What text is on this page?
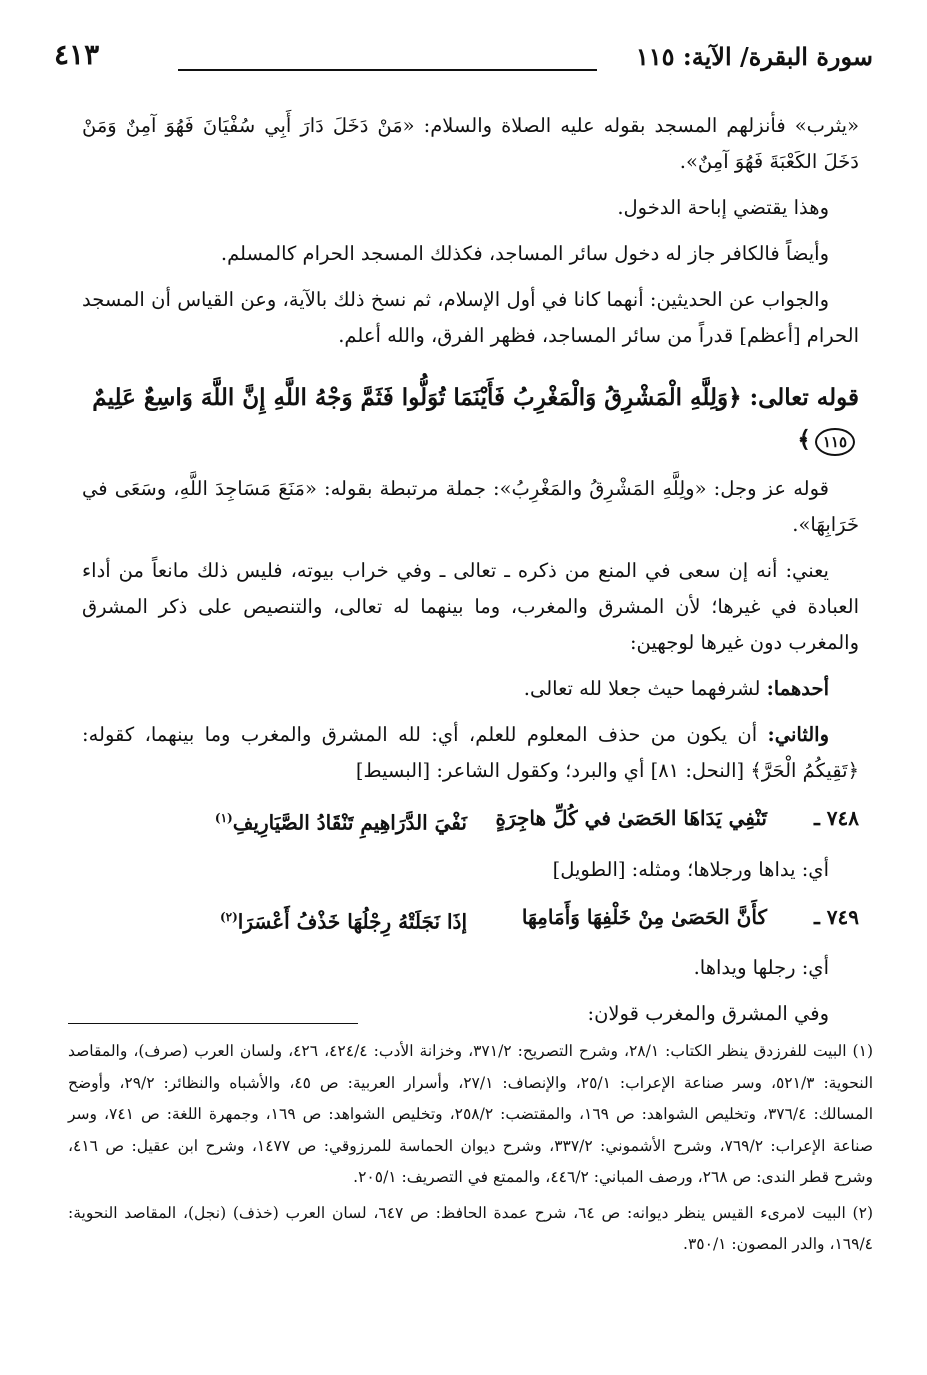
سورة البقرة/ الآية: ١١٥
٤١٣

«يثرب» فأنزلهم المسجد بقوله عليه الصلاة والسلام: «مَنْ دَخَلَ دَارَ أَبِي سُفْيَانَ فَهُوَ آمِنٌ وَمَنْ دَخَلَ الكَعْبَةَ فَهُوَ آمِنٌ».

وهذا يقتضي إباحة الدخول.

وأيضاً فالكافر جاز له دخول سائر المساجد، فكذلك المسجد الحرام كالمسلم.

والجواب عن الحديثين: أنهما كانا في أول الإسلام، ثم نسخ ذلك بالآية، وعن القياس أن المسجد الحرام [أعظم] قدراً من سائر المساجد، فظهر الفرق، والله أعلم.

قوله تعالى: ﴿وَلِلَّهِ الْمَشْرِقُ وَالْمَغْرِبُ فَأَيْنَمَا تُوَلُّوا فَثَمَّ وَجْهُ اللَّهِ إِنَّ اللَّهَ وَاسِعٌ عَلِيمٌ ١١٥﴾

قوله عز وجل: «ولِلَّهِ المَشْرِقُ والمَغْرِبُ»: جملة مرتبطة بقوله: «مَنَعَ مَسَاجِدَ اللَّهِ، وسَعَى في خَرَابِهَا».

يعني: أنه إن سعى في المنع من ذكره ـ تعالى ـ وفي خراب بيوته، فليس ذلك مانعاً من أداء العبادة في غيرها؛ لأن المشرق والمغرب، وما بينهما له تعالى، والتنصيص على ذكر المشرق والمغرب دون غيرها لوجهين:

أحدهما: لشرفهما حيث جعلا لله تعالى.

والثاني: أن يكون من حذف المعلوم للعلم، أي: لله المشرق والمغرب وما بينهما، كقوله: ﴿تَقِيكُمُ الْحَرَّ﴾ [النحل: ٨١] أي والبرد؛ وكقول الشاعر: [البسيط]

٧٤٨ ـ
تَنْفِي يَدَاهَا الحَصَىٰ في كُلِّ هاجِرَةٍ
نَفْيَ الدَّرَاهِيمِ تَنْقَادُ الصَّيَارِيفِ$^{(١)}$

أي: يداها ورجلاها؛ ومثله: [الطويل]

٧٤٩ ـ
كأَنَّ الحَصَىٰ مِنْ خَلْفِهَا وَأَمَامِهَا
إذَا نَجَلَتْهُ رِجْلُهَا خَذْفُ أَعْسَرَا$^{(٢)}$

أي: رجلها ويداها.

وفي المشرق والمغرب قولان:

(١) البيت للفرزدق ينظر الكتاب: ٢٨/١، وشرح التصريح: ٣٧١/٢، وخزانة الأدب: ٤٢٤/٤، ٤٢٦، ولسان العرب (صرف)، والمقاصد النحوية: ٥٢١/٣، وسر صناعة الإعراب: ٢٥/١، والإنصاف: ٢٧/١، وأسرار العربية: ص ٤٥، والأشباه والنظائر: ٢٩/٢، وأوضح المسالك: ٣٧٦/٤، وتخليص الشواهد: ص ١٦٩، والمقتضب: ٢٥٨/٢، وتخليص الشواهد: ص ١٦٩، وجمهرة اللغة: ص ٧٤١، وسر صناعة الإعراب: ٧٦٩/٢، وشرح الأشموني: ٣٣٧/٢، وشرح ديوان الحماسة للمرزوقي: ص ١٤٧٧، وشرح ابن عقيل: ص ٤١٦، وشرح قطر الندى: ص ٢٦٨، ورصف المباني: ٤٤٦/٢، والممتع في التصريف: ٢٠٥/١.

(٢) البيت لامرىء القيس ينظر ديوانه: ص ٦٤، شرح عمدة الحافظ: ص ٦٤٧، لسان العرب (خذف) (نجل)، المقاصد النحوية: ١٦٩/٤، والدر المصون: ٣٥٠/١.
